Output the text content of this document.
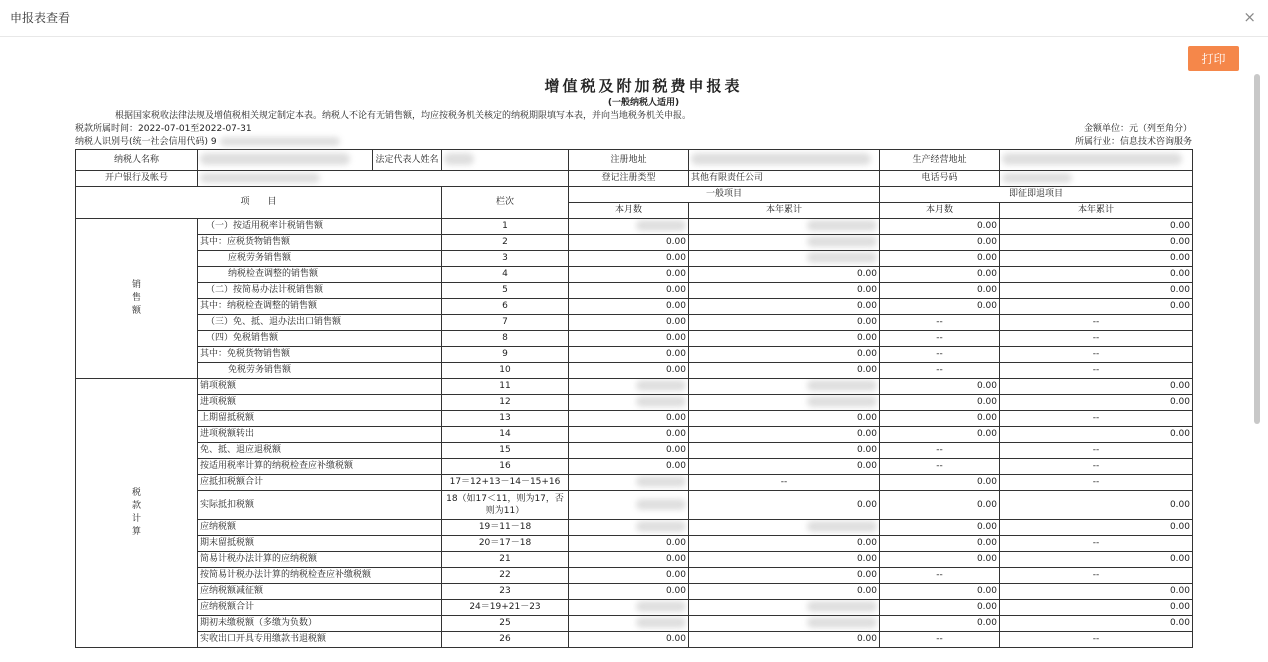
申报表查看	×
打印
增值税及附加税费申报表
(一般纳税人适用)
根据国家税收法律法规及增值税相关规定制定本表。纳税人不论有无销售额，均应按税务机关核定的纳税期限填写本表，并向当地税务机关申报。
税款所属时间：2022-07-01至2022-07-31	金额单位：元（列至角分）
纳税人识别号(统一社会信用代码) 9	所属行业：信息技术咨询服务
纳税人名称		法定代表人姓名		注册地址		生产经营地址	
开户银行及帐号				登记注册类型	其他有限责任公司	电话号码	
项　　目			栏次	一般项目		即征即退项目	
				本月数	本年累计	本月数	本年累计

销
售
额	（一）按适用税率计税销售额		1			0.00	0.00
	其中：应税货物销售额		2	0.00		0.00	0.00
	应税劳务销售额		3	0.00		0.00	0.00
	纳税检查调整的销售额		4	0.00	0.00	0.00	0.00
	（二）按简易办法计税销售额		5	0.00	0.00	0.00	0.00
	其中：纳税检查调整的销售额		6	0.00	0.00	0.00	0.00
	（三）免、抵、退办法出口销售额		7	0.00	0.00	--	--
	（四）免税销售额		8	0.00	0.00	--	--
	其中：免税货物销售额		9	0.00	0.00	--	--
	免税劳务销售额		10	0.00	0.00	--	--

税
款
计
算	销项税额		11			0.00	0.00
	进项税额		12			0.00	0.00
	上期留抵税额		13	0.00	0.00	0.00	--
	进项税额转出		14	0.00	0.00	0.00	0.00
	免、抵、退应退税额		15	0.00	0.00	--	--
	按适用税率计算的纳税检查应补缴税额		16	0.00	0.00	--	--
	应抵扣税额合计		17＝12+13－14－15+16		--	0.00	--
	实际抵扣税额		18（如17＜11，则为17，否则为11）		0.00	0.00	0.00
	应纳税额		19＝11－18			0.00	0.00
	期末留抵税额		20＝17－18	0.00	0.00	0.00	--
	简易计税办法计算的应纳税额		21	0.00	0.00	0.00	0.00
	按简易计税办法计算的纳税检查应补缴税额		22	0.00	0.00	--	--
	应纳税额减征额		23	0.00	0.00	0.00	0.00
	应纳税额合计		24＝19+21－23			0.00	0.00
	期初未缴税额（多缴为负数）		25			0.00	0.00
	实收出口开具专用缴款书退税额		26	0.00	0.00	--	--
